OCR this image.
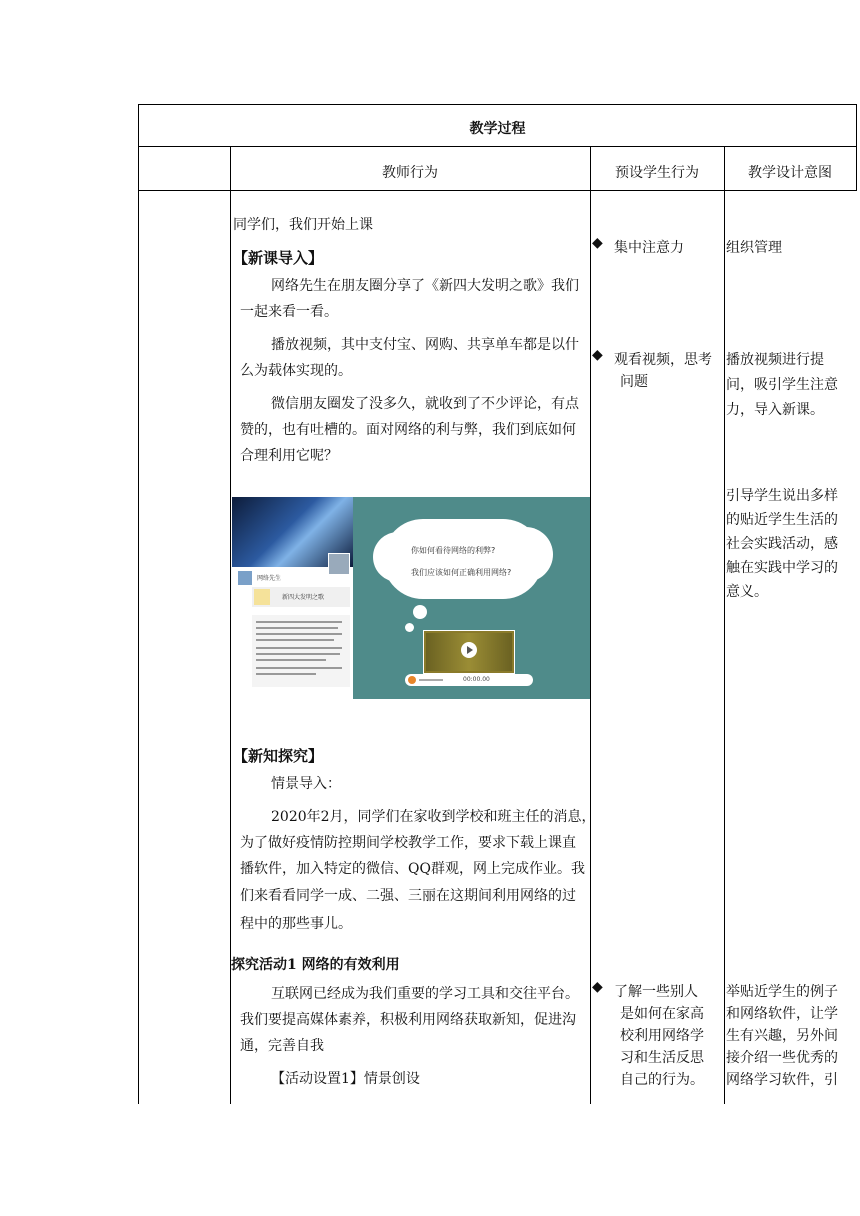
教学过程
教师行为	预设学生行为	教学设计意图
同学们，我们开始上课
【新课导入】
网络先生在朋友圈分享了《新四大发明之歌》我们
一起来看一看。
播放视频，其中支付宝、网购、共享单车都是以什
么为载体实现的。
微信朋友圈发了没多久，就收到了不少评论，有点
赞的，也有吐槽的。面对网络的利与弊，我们到底如何
合理利用它呢？
网络先生
新四大发明之歌
你如何看待网络的利弊?
我们应该如何正确利用网络?
00:00.00
【新知探究】
情景导入：
2020年2月，同学们在家收到学校和班主任的消息，
为了做好疫情防控期间学校教学工作，要求下载上课直
播软件，加入特定的微信、QQ群观，网上完成作业。我
们来看看同学一成、二强、三丽在这期间利用网络的过
程中的那些事儿。
探究活动1 网络的有效利用
互联网已经成为我们重要的学习工具和交往平台。
我们要提高媒体素养，积极利用网络获取新知，促进沟
通，完善自我
【活动设置1】情景创设
◆ 集中注意力
◆ 观看视频，思考
问题
◆ 了解一些别人
是如何在家高
校利用网络学
习和生活反思
自己的行为。
组织管理
播放视频进行提
问，吸引学生注意
力，导入新课。
引导学生说出多样
的贴近学生生活的
社会实践活动，感
触在实践中学习的
意义。
举贴近学生的例子
和网络软件，让学
生有兴趣，另外间
接介绍一些优秀的
网络学习软件，引
